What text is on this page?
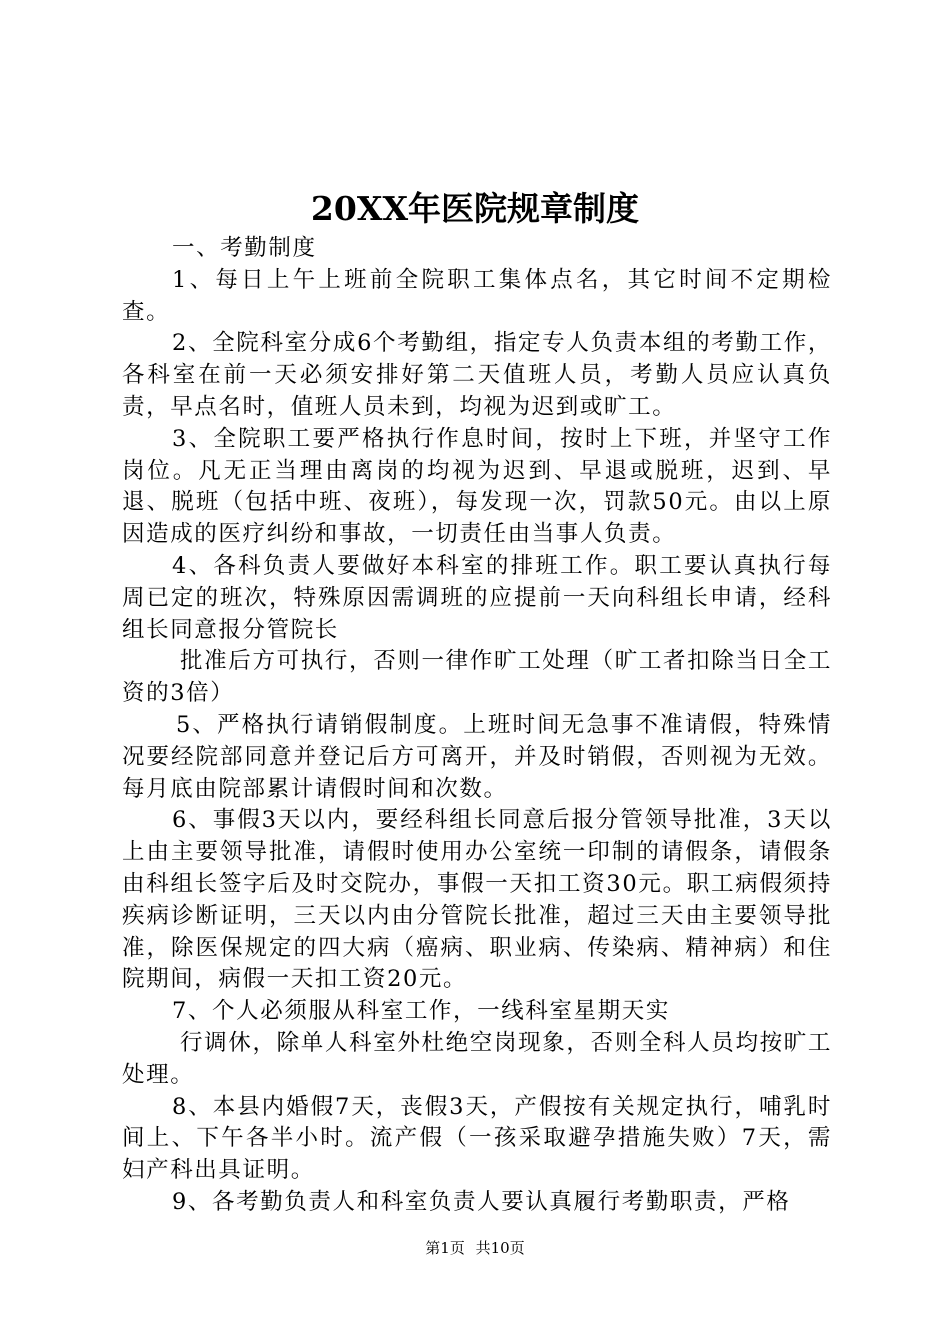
20XX年医院规章制度

一、考勤制度

1、每日上午上班前全院职工集体点名，其它时间不定期检查。

2、全院科室分成6个考勤组，指定专人负责本组的考勤工作，各科室在前一天必须安排好第二天值班人员，考勤人员应认真负责，早点名时，值班人员未到，均视为迟到或旷工。

3、全院职工要严格执行作息时间，按时上下班，并坚守工作岗位。凡无正当理由离岗的均视为迟到、早退或脱班，迟到、早退、脱班（包括中班、夜班），每发现一次，罚款50元。由以上原因造成的医疗纠纷和事故，一切责任由当事人负责。

4、各科负责人要做好本科室的排班工作。职工要认真执行每周已定的班次，特殊原因需调班的应提前一天向科组长申请，经科组长同意报分管院长

批准后方可执行，否则一律作旷工处理（旷工者扣除当日全工资的3倍）

5、严格执行请销假制度。上班时间无急事不准请假，特殊情况要经院部同意并登记后方可离开，并及时销假，否则视为无效。每月底由院部累计请假时间和次数。

6、事假3天以内，要经科组长同意后报分管领导批准，3天以上由主要领导批准，请假时使用办公室统一印制的请假条，请假条由科组长签字后及时交院办，事假一天扣工资30元。职工病假须持疾病诊断证明，三天以内由分管院长批准，超过三天由主要领导批准，除医保规定的四大病（癌病、职业病、传染病、精神病）和住院期间，病假一天扣工资20元。

7、个人必须服从科室工作，一线科室星期天实

行调休，除单人科室外杜绝空岗现象，否则全科人员均按旷工处理。

8、本县内婚假7天，丧假3天，产假按有关规定执行，哺乳时间上、下午各半小时。流产假（一孩采取避孕措施失败）7天，需妇产科出具证明。

9、各考勤负责人和科室负责人要认真履行考勤职责，严格

第1页 共10页
